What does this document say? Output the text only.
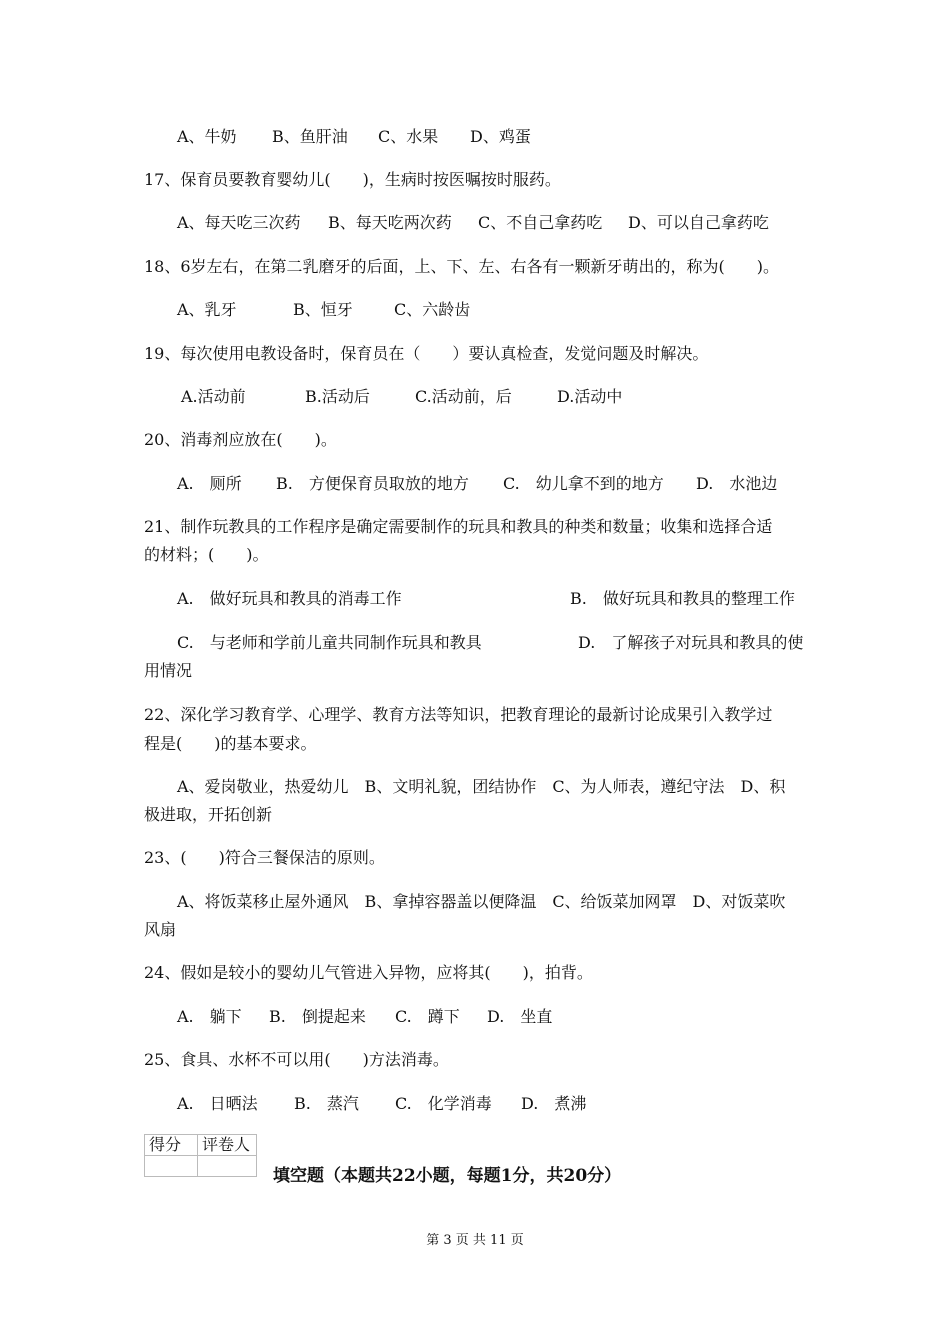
A、牛奶 B、鱼肝油 C、水果 D、鸡蛋
17、保育员要教育婴幼儿(　　)，生病时按医嘱按时服药。
A、每天吃三次药 B、每天吃两次药 C、不自己拿药吃 D、可以自己拿药吃
18、6岁左右，在第二乳磨牙的后面，上、下、左、右各有一颗新牙萌出的，称为(　　)。
A、乳牙	B、恒牙	C、六龄齿
19、每次使用电教设备时，保育员在（　　）要认真检查，发觉问题及时解决。
A.活动前	B.活动后	C.活动前，后	D.活动中
20、消毒剂应放在(　　)。
A.　厕所 B.　方便保育员取放的地方 C.　幼儿拿不到的地方 D.　水池边
21、制作玩教具的工作程序是确定需要制作的玩具和教具的种类和数量；收集和选择合适
的材料；(　　)。
A.　做好玩具和教具的消毒工作	B.　做好玩具和教具的整理工作
C.　与老师和学前儿童共同制作玩具和教具	D.　了解孩子对玩具和教具的使
用情况
22、深化学习教育学、心理学、教育方法等知识，把教育理论的最新讨论成果引入教学过
程是(　　)的基本要求。
A、爱岗敬业，热爱幼儿　B、文明礼貌，团结协作　C、为人师表，遵纪守法　D、积
极进取，开拓创新
23、(　　)符合三餐保洁的原则。
A、将饭菜移止屋外通风　B、拿掉容器盖以便降温　C、给饭菜加网罩　D、对饭菜吹
风扇
24、假如是较小的婴幼儿气管进入异物，应将其(　　)，拍背。
A.　躺下 B.　倒提起来 C.　蹲下 D.　坐直
25、食具、水杯不可以用(　　)方法消毒。
A.　日晒法 B.　蒸汽 C.　化学消毒 D.　煮沸
得分	评卷人

填空题（本题共22小题，每题1分，共20分）
第 3 页 共 11 页
